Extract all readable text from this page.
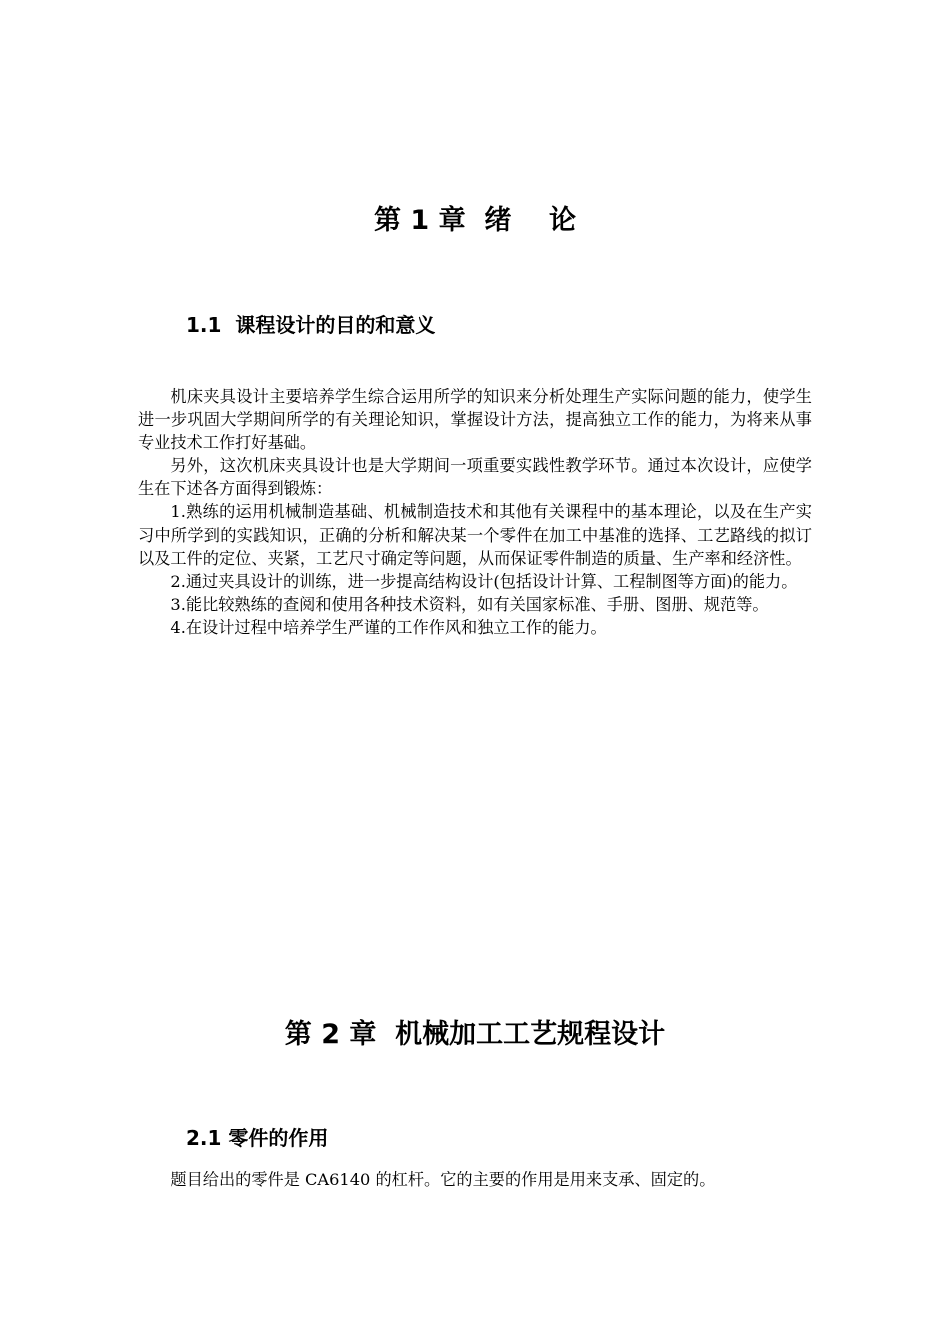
第 1 章  绪    论
1.1  课程设计的目的和意义

机床夹具设计主要培养学生综合运用所学的知识来分析处理生产实际问题的能力，使学生进一步巩固大学期间所学的有关理论知识，掌握设计方法，提高独立工作的能力，为将来从事专业技术工作打好基础。

另外，这次机床夹具设计也是大学期间一项重要实践性教学环节。通过本次设计，应使学生在下述各方面得到锻炼：

1.熟练的运用机械制造基础、机械制造技术和其他有关课程中的基本理论，以及在生产实习中所学到的实践知识，正确的分析和解决某一个零件在加工中基准的选择、工艺路线的拟订以及工件的定位、夹紧，工艺尺寸确定等问题，从而保证零件制造的质量、生产率和经济性。

2.通过夹具设计的训练，进一步提高结构设计(包括设计计算、工程制图等方面)的能力。

3.能比较熟练的查阅和使用各种技术资料，如有关国家标准、手册、图册、规范等。

4.在设计过程中培养学生严谨的工作作风和独立工作的能力。

第 2 章  机械加工工艺规程设计
2.1 零件的作用

题目给出的零件是 CA6140 的杠杆。它的主要的作用是用来支承、固定的。
